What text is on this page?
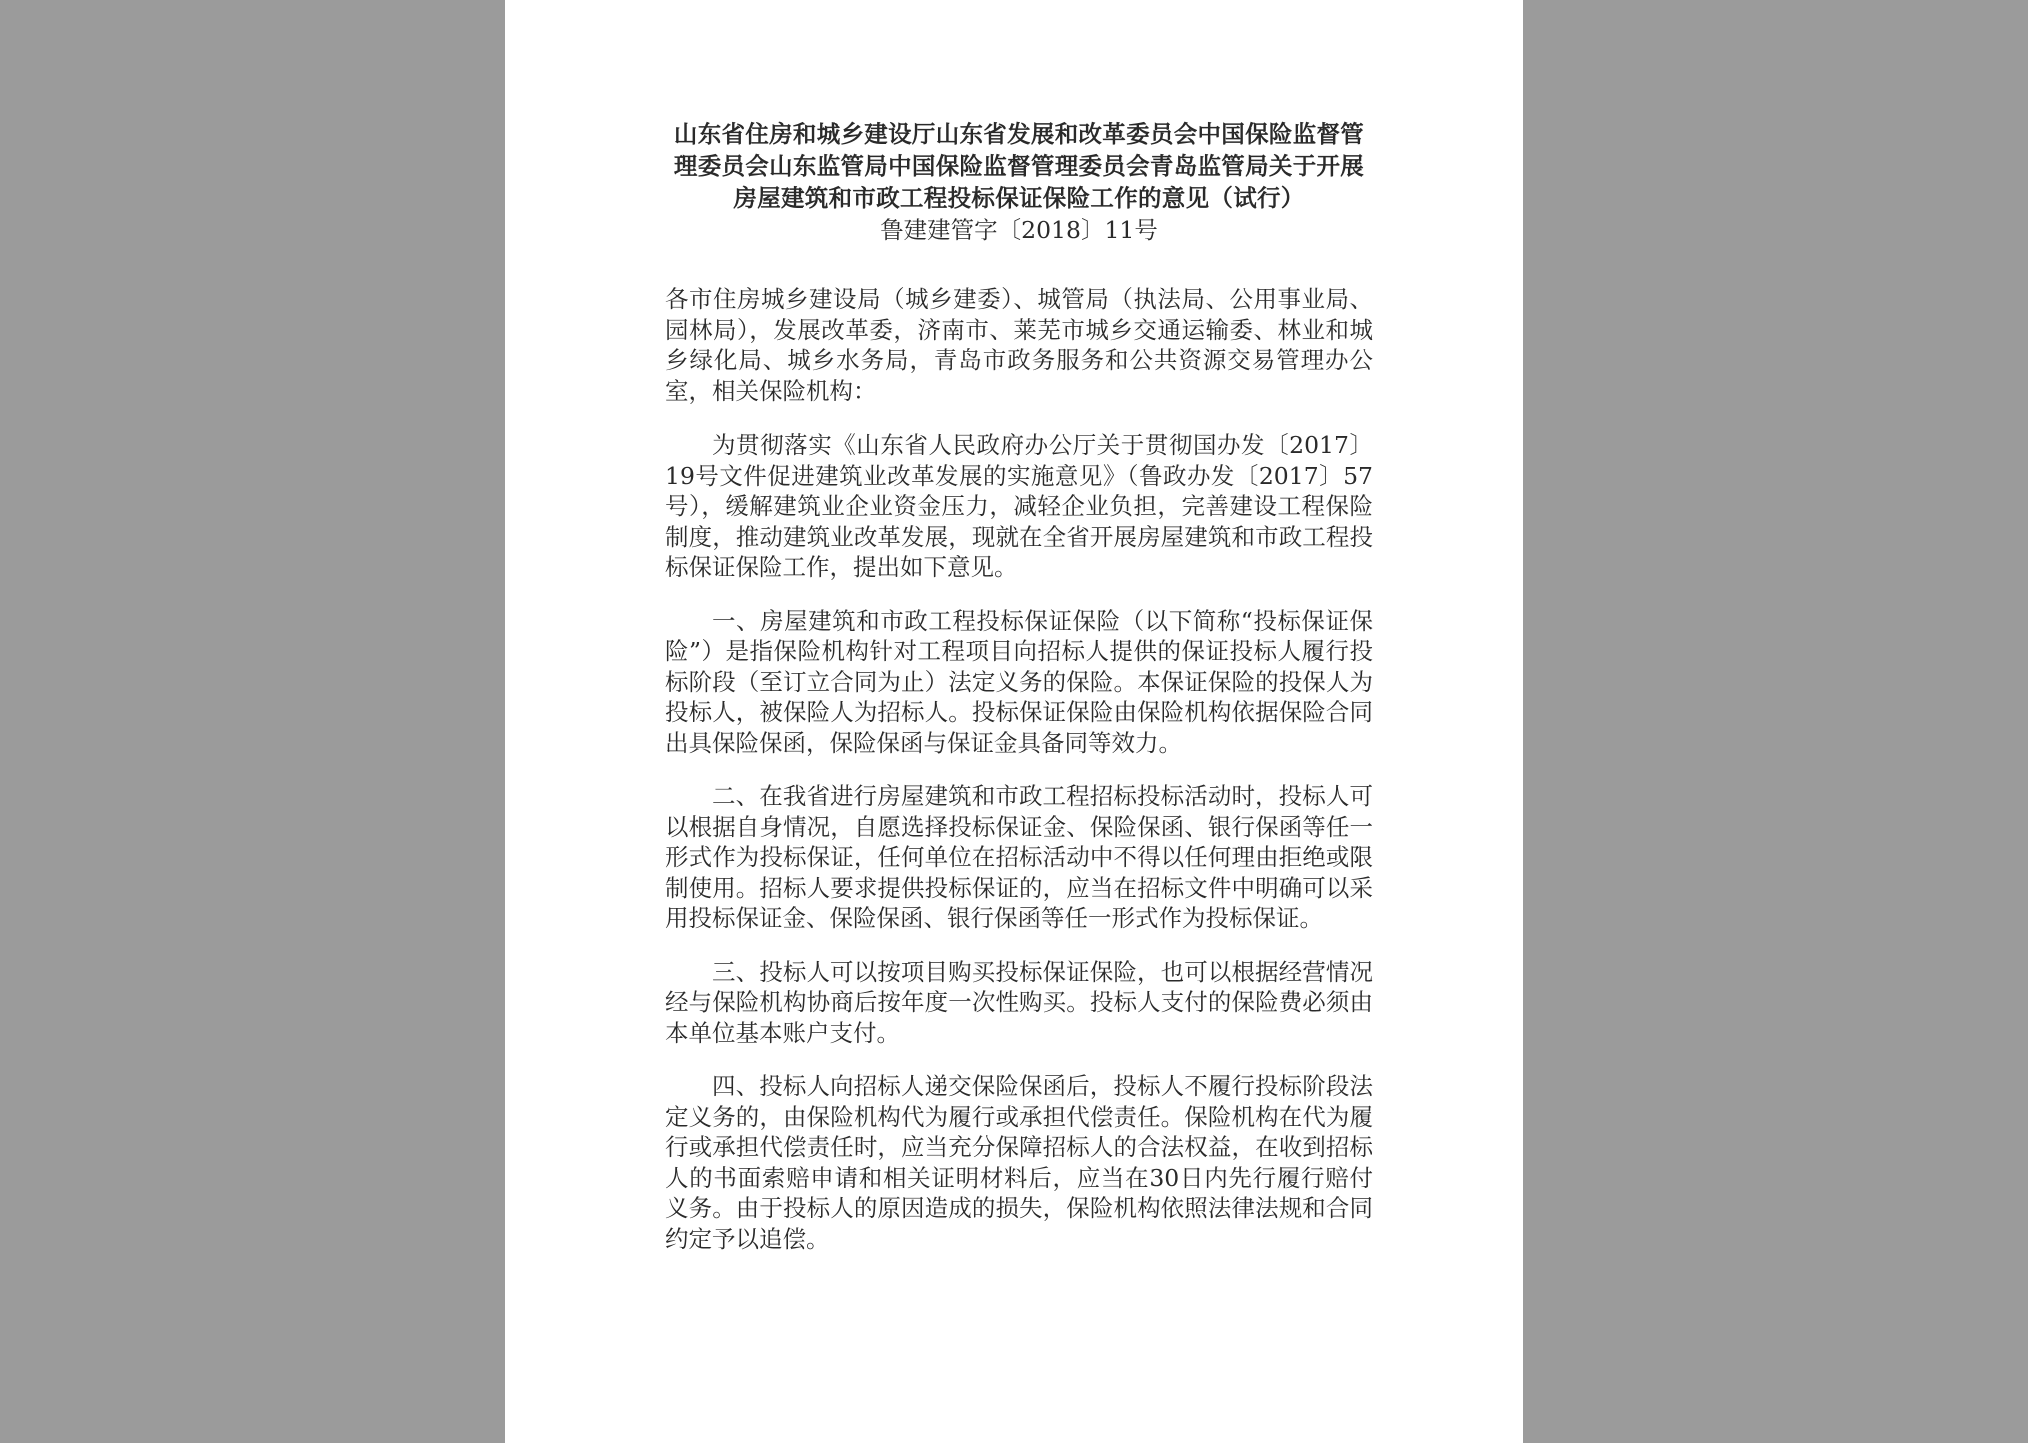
山东省住房和城乡建设厅山东省发展和改革委员会中国保险监督管理委员会山东监管局中国保险监督管理委员会青岛监管局关于开展房屋建筑和市政工程投标保证保险工作的意见（试行）

鲁建建管字〔2018〕11号

各市住房城乡建设局（城乡建委）、城管局（执法局、公用事业局、园林局），发展改革委，济南市、莱芜市城乡交通运输委、林业和城乡绿化局、城乡水务局，青岛市政务服务和公共资源交易管理办公室，相关保险机构：

为贯彻落实《山东省人民政府办公厅关于贯彻国办发〔2017〕19号文件促进建筑业改革发展的实施意见》（鲁政办发〔2017〕57号），缓解建筑业企业资金压力，减轻企业负担，完善建设工程保险制度，推动建筑业改革发展，现就在全省开展房屋建筑和市政工程投标保证保险工作，提出如下意见。

一、房屋建筑和市政工程投标保证保险（以下简称“投标保证保险”）是指保险机构针对工程项目向招标人提供的保证投标人履行投标阶段（至订立合同为止）法定义务的保险。本保证保险的投保人为投标人，被保险人为招标人。投标保证保险由保险机构依据保险合同出具保险保函，保险保函与保证金具备同等效力。

二、在我省进行房屋建筑和市政工程招标投标活动时，投标人可以根据自身情况，自愿选择投标保证金、保险保函、银行保函等任一形式作为投标保证，任何单位在招标活动中不得以任何理由拒绝或限制使用。招标人要求提供投标保证的，应当在招标文件中明确可以采用投标保证金、保险保函、银行保函等任一形式作为投标保证。

三、投标人可以按项目购买投标保证保险，也可以根据经营情况经与保险机构协商后按年度一次性购买。投标人支付的保险费必须由本单位基本账户支付。

四、投标人向招标人递交保险保函后，投标人不履行投标阶段法定义务的，由保险机构代为履行或承担代偿责任。保险机构在代为履行或承担代偿责任时，应当充分保障招标人的合法权益，在收到招标人的书面索赔申请和相关证明材料后，应当在30日内先行履行赔付义务。由于投标人的原因造成的损失，保险机构依照法律法规和合同约定予以追偿。
